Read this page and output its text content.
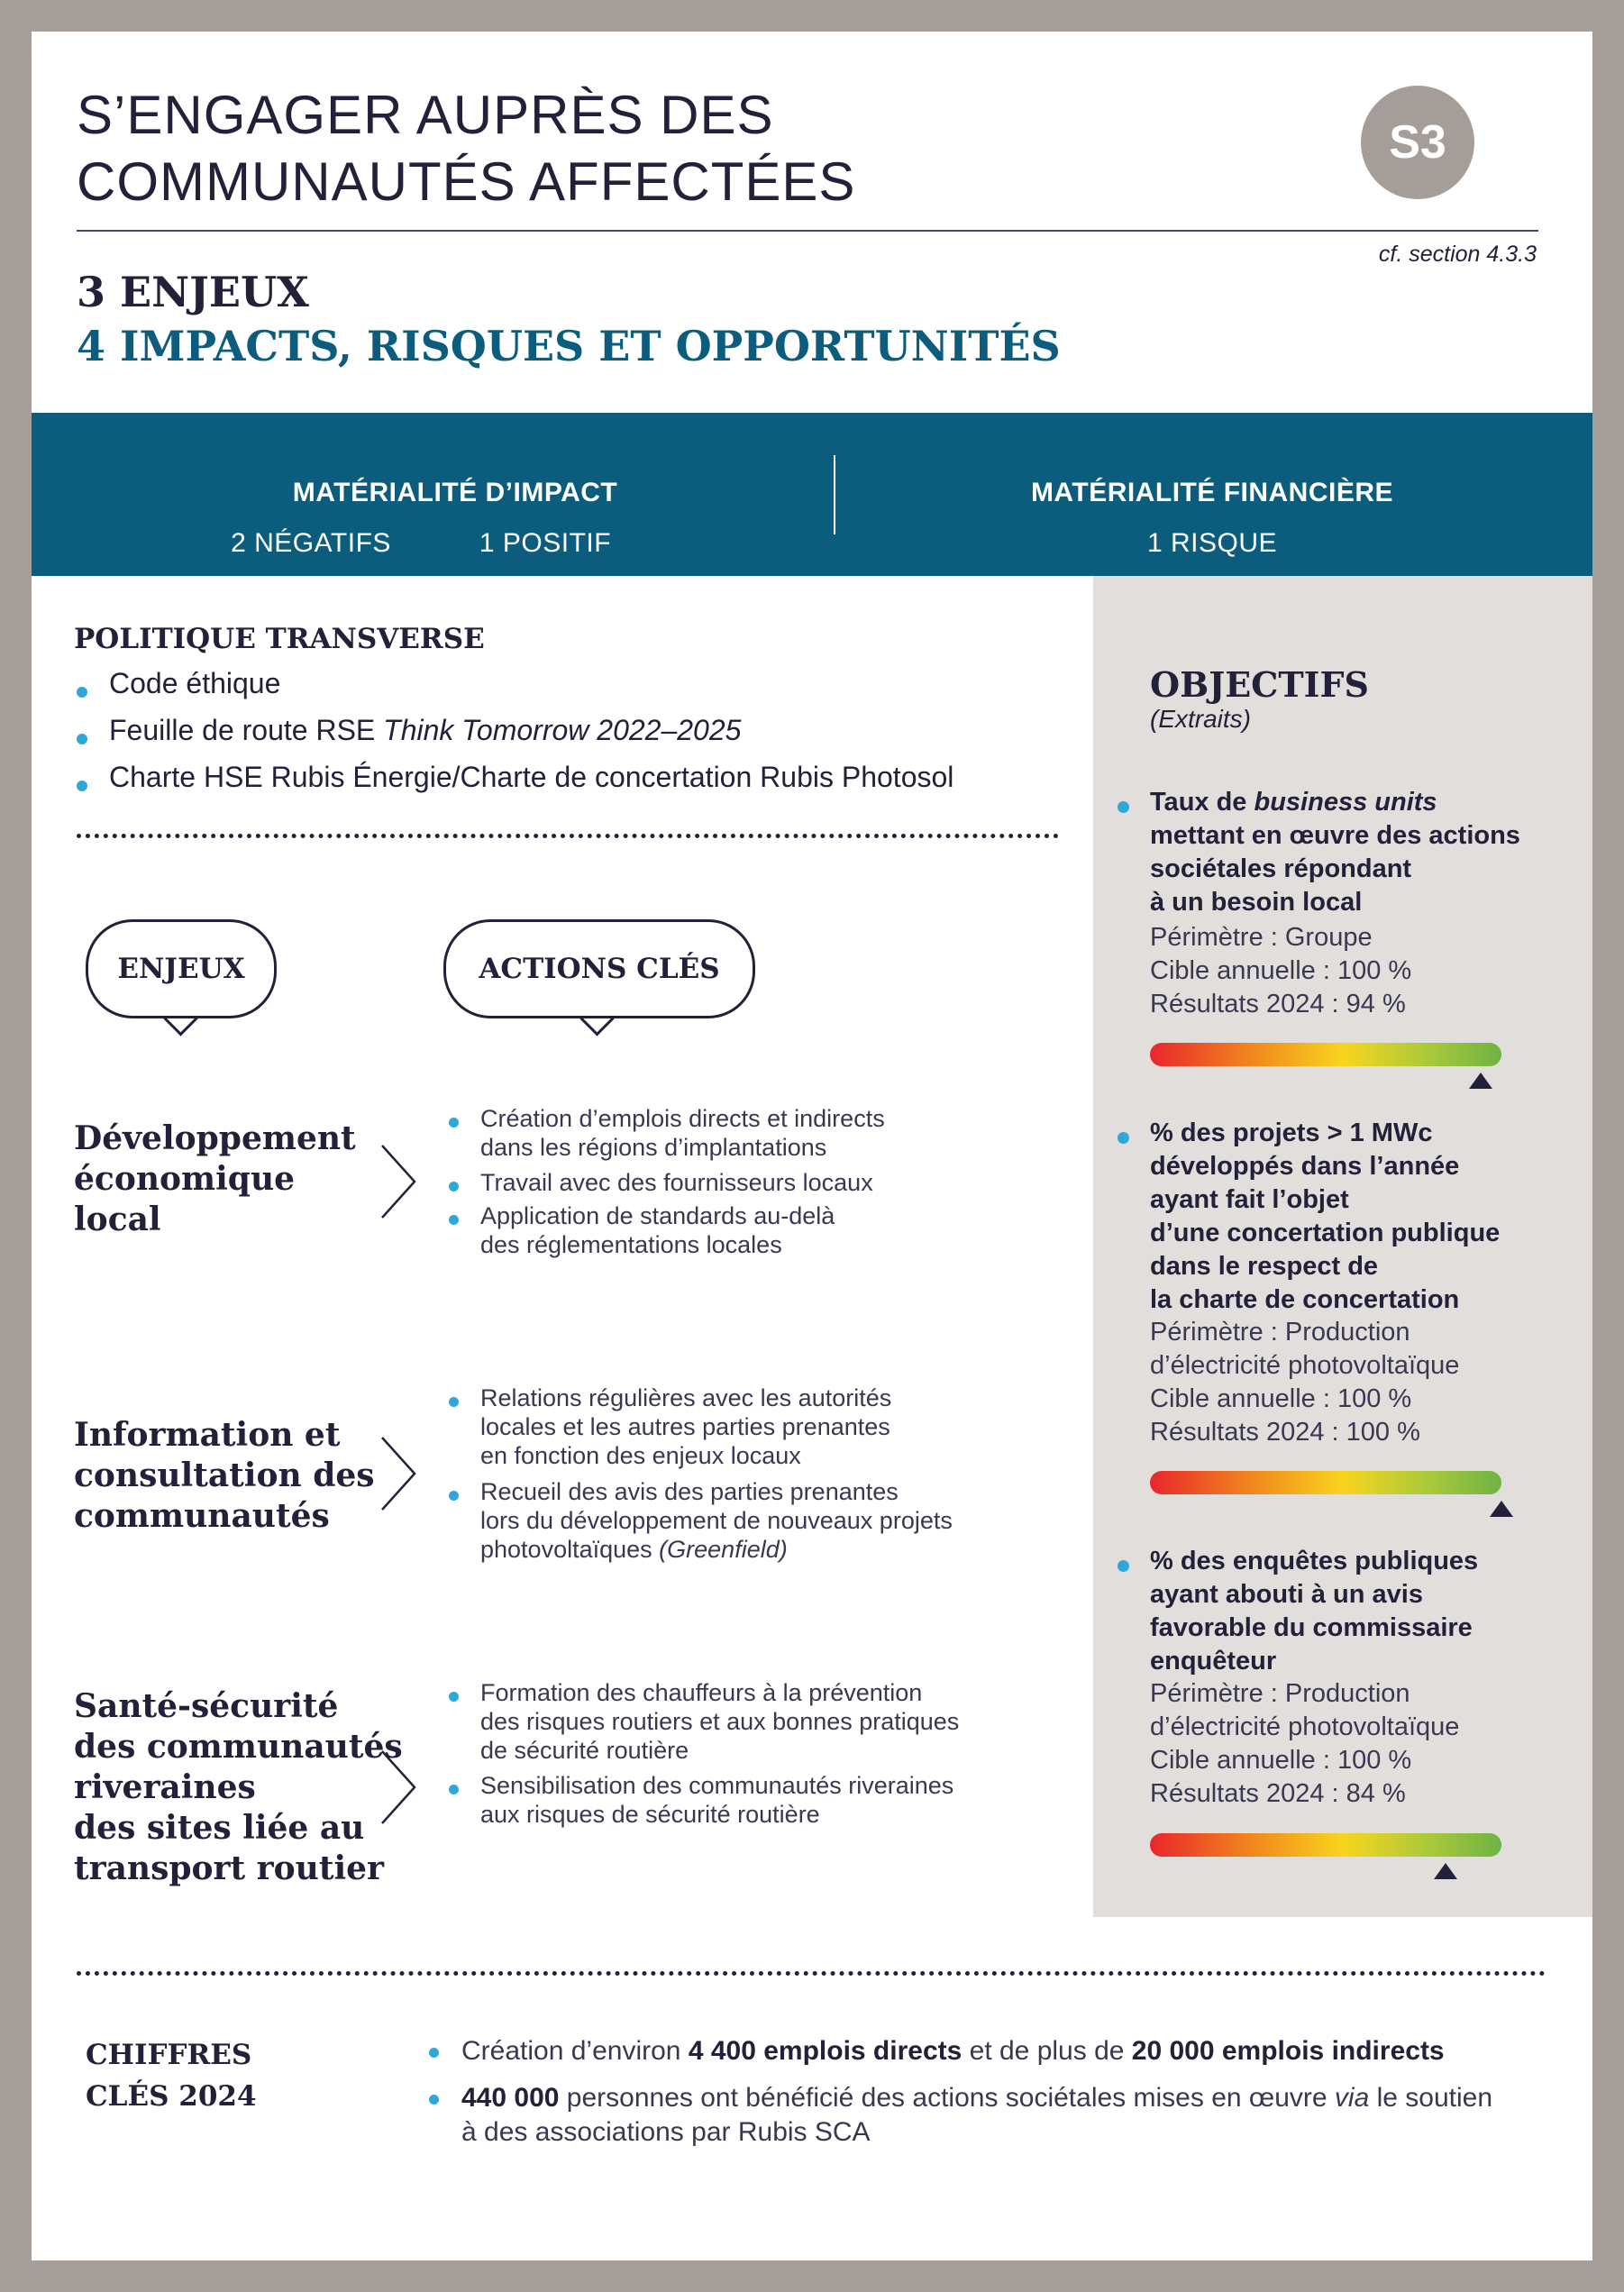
S’ENGAGER AUPRÈS DES
COMMUNAUTÉS AFFECTÉES
S3
cf. section 4.3.3
3 ENJEUX
4 IMPACTS, RISQUES ET OPPORTUNITÉS
MATÉRIALITÉ D’IMPACT
2 NÉGATIFS	1 POSITIF
MATÉRIALITÉ FINANCIÈRE
1 RISQUE
OBJECTIFS
(Extraits)
Taux de business units
mettant en œuvre des actions
sociétales répondant
à un besoin local
Périmètre : Groupe
Cible annuelle : 100 %
Résultats 2024 : 94 %
% des projets > 1 MWc
développés dans l’année
ayant fait l’objet
d’une concertation publique
dans le respect de
la charte de concertation
Périmètre : Production
d’électricité photovoltaïque
Cible annuelle : 100 %
Résultats 2024 : 100 %
% des enquêtes publiques
ayant abouti à un avis
favorable du commissaire
enquêteur
Périmètre : Production
d’électricité photovoltaïque
Cible annuelle : 100 %
Résultats 2024 : 84 %
POLITIQUE TRANSVERSE
Code éthique
Feuille de route RSE Think Tomorrow 2022–2025
Charte HSE Rubis Énergie/Charte de concertation Rubis Photosol
ENJEUX	ACTIONS CLÉS
Développement
économique
local
Création d’emplois directs et indirects
dans les régions d’implantations
Travail avec des fournisseurs locaux
Application de standards au-delà
des réglementations locales
Information et
consultation des
communautés
Relations régulières avec les autorités
locales et les autres parties prenantes
en fonction des enjeux locaux
Recueil des avis des parties prenantes
lors du développement de nouveaux projets
photovoltaïques (Greenfield)
Santé-sécurité
des communautés
riveraines
des sites liée au
transport routier
Formation des chauffeurs à la prévention
des risques routiers et aux bonnes pratiques
de sécurité routière
Sensibilisation des communautés riveraines
aux risques de sécurité routière
CHIFFRES
CLÉS 2024
Création d’environ 4 400 emplois directs et de plus de 20 000 emplois indirects
440 000 personnes ont bénéficié des actions sociétales mises en œuvre via le soutien
à des associations par Rubis SCA
